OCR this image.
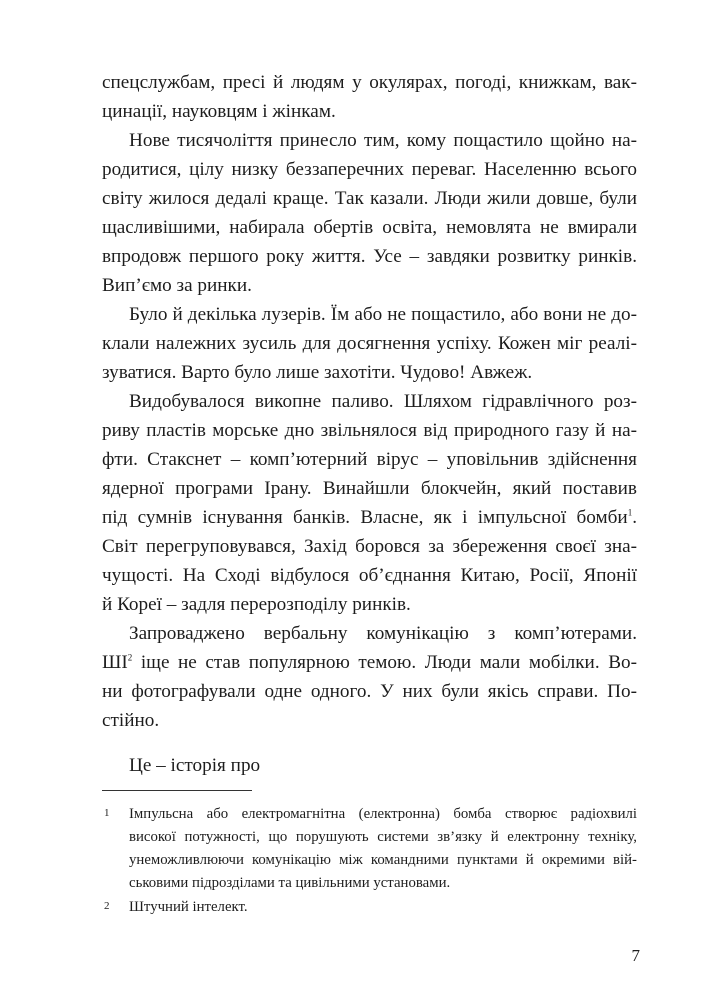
спецслужбам, пресі й людям у окулярах, погоді, книжкам, вак-
цинації, науковцям і жінкам.
Нове тисячоліття принесло тим, кому пощастило щойно на-
родитися, цілу низку беззаперечних переваг. Населенню всього
світу жилося дедалі краще. Так казали. Люди жили довше, були
щасливішими, набирала обертів освіта, немовлята не вмирали
впродовж першого року життя. Усе – завдяки розвитку ринків.
Вип’ємо за ринки.
Було й декілька лузерів. Їм або не пощастило, або вони не до-
клали належних зусиль для досягнення успіху. Кожен міг реалі-
зуватися. Варто було лише захотіти. Чудово! Авжеж.
Видобувалося викопне паливо. Шляхом гідравлічного роз-
риву пластів морське дно звільнялося від природного газу й на-
фти. Стакснет – комп’ютерний вірус – уповільнив здійснення
ядерної програми Ірану. Винайшли блокчейн, який поставив
під сумнів існування банків. Власне, як і імпульсної бомби$^1$.
Світ перегруповувався, Захід боровся за збереження своєї зна-
чущості. На Сході відбулося об’єднання Китаю, Росії, Японії
й Кореї – задля перерозподілу ринків.
Запроваджено вербальну комунікацію з комп’ютерами.
$ШІ^2$ іще не став популярною темою. Люди мали мобілки. Во-
ни фотографували одне одного. У них були якісь справи. По-
стійно.
Це – історія про
1 Імпульсна або електромагнітна (електронна) бомба створює радіохвилі
високої потужності, що порушують системи зв’язку й електронну техніку,
унеможливлюючи комунікацію між командними пунктами й окремими вій-
ськовими підрозділами та цивільними установами.
2 Штучний інтелект.
7
